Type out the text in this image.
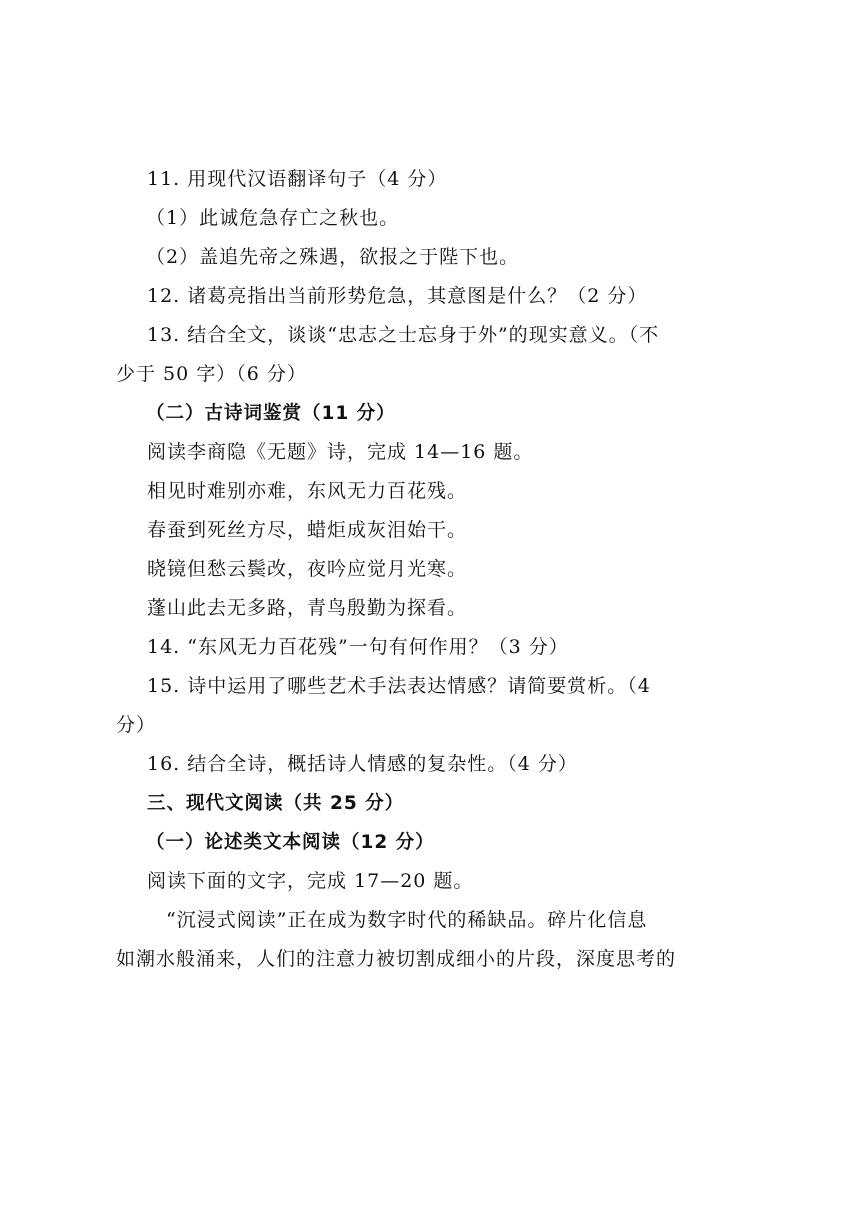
11. 用现代汉语翻译句子（4 分）
（1）此诚危急存亡之秋也。
（2）盖追先帝之殊遇，欲报之于陛下也。
12. 诸葛亮指出当前形势危急，其意图是什么？（2 分）
13. 结合全文，谈谈“忠志之士忘身于外”的现实意义。（不
少于 50 字）（6 分）
（二）古诗词鉴赏（11 分）
阅读李商隐《无题》诗，完成 14—16 题。
相见时难别亦难，东风无力百花残。
春蚕到死丝方尽，蜡炬成灰泪始干。
晓镜但愁云鬓改，夜吟应觉月光寒。
蓬山此去无多路，青鸟殷勤为探看。
14. “东风无力百花残”一句有何作用？（3 分）
15. 诗中运用了哪些艺术手法表达情感？请简要赏析。（4
分）
16. 结合全诗，概括诗人情感的复杂性。（4 分）
三、现代文阅读（共 25 分）
（一）论述类文本阅读（12 分）
阅读下面的文字，完成 17—20 题。
“沉浸式阅读”正在成为数字时代的稀缺品。碎片化信息
如潮水般涌来，人们的注意力被切割成细小的片段，深度思考的
